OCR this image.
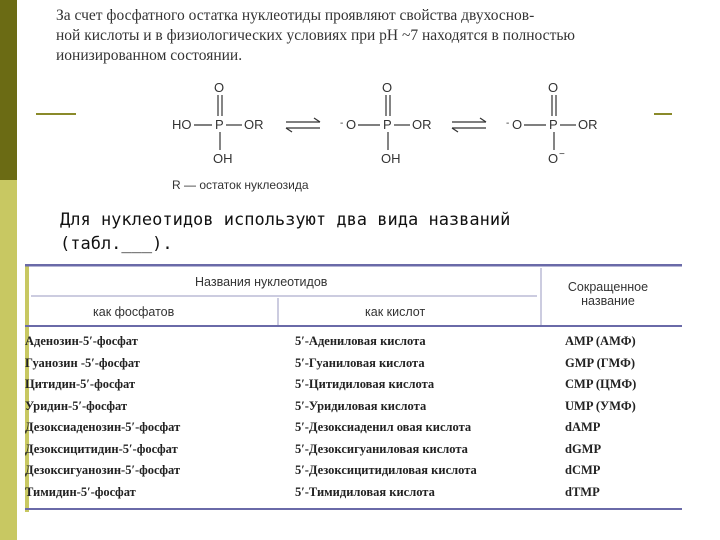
За счет фосфатного остатка нуклеотиды проявляют свойства двухоснов-
ной кислоты и в физиологических условиях при pH ~7 находятся в полностью
ионизированном состоянии.
O
HO P OR
OH
O
- O P OR
OH
O
- O P OR
O −
R — остаток нуклеозида
Для нуклеотидов используют два вида названий
(табл.___).
Названия нуклеотидов
как фосфатов	как кислот
Сокращенное
название
Аденозин-5′-фосфат	5′-Адениловая кислота	AMP (АМФ)
Гуанозин -5′-фосфат	5′-Гуаниловая кислота	GMP (ГМФ)
Цитидин-5′-фосфат	5′-Цитидиловая кислота	CMP (ЦМФ)
Уридин-5′-фосфат	5′-Уридиловая кислота	UMP (УМФ)
Дезоксиаденозин-5′-фосфат	5′-Дезоксиаденил овая кислота	dAMP
Дезоксицитидин-5′-фосфат	5′-Дезоксигуаниловая кислота	dGMP
Дезоксигуанозин-5′-фосфат	5′-Дезоксицитидиловая кислота	dCMP
Тимидин-5′-фосфат	5′-Тимидиловая кислота	dTMP
